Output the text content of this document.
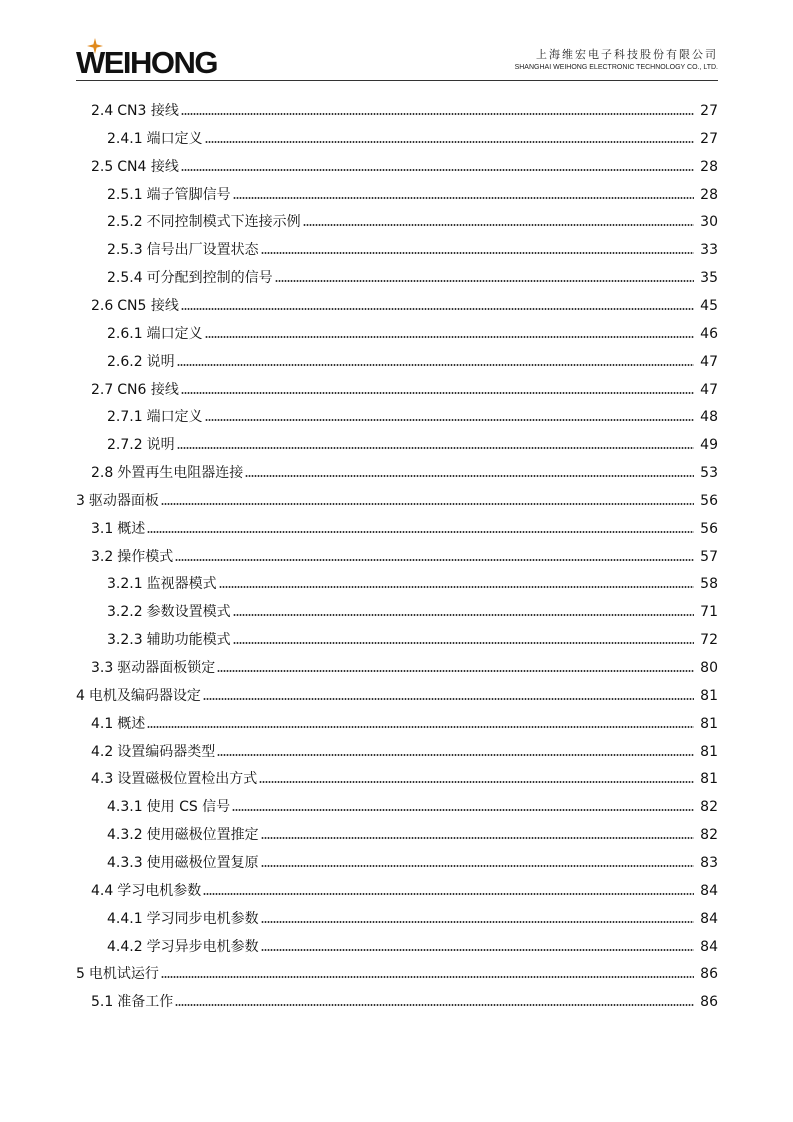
WEIHONG	上海维宏电子科技股份有限公司
SHANGHAI WEIHONG ELECTRONIC TECHNOLOGY CO., LTD.
2.4 CN3 接线	27
2.4.1 端口定义	27
2.5 CN4 接线	28
2.5.1 端子管脚信号	28
2.5.2 不同控制模式下连接示例	30
2.5.3 信号出厂设置状态	33
2.5.4 可分配到控制的信号	35
2.6 CN5 接线	45
2.6.1 端口定义	46
2.6.2 说明	47
2.7 CN6 接线	47
2.7.1 端口定义	48
2.7.2 说明	49
2.8 外置再生电阻器连接	53
3 驱动器面板	56
3.1 概述	56
3.2 操作模式	57
3.2.1 监视器模式	58
3.2.2 参数设置模式	71
3.2.3 辅助功能模式	72
3.3 驱动器面板锁定	80
4 电机及编码器设定	81
4.1 概述	81
4.2 设置编码器类型	81
4.3 设置磁极位置检出方式	81
4.3.1 使用 CS 信号	82
4.3.2 使用磁极位置推定	82
4.3.3 使用磁极位置复原	83
4.4 学习电机参数	84
4.4.1 学习同步电机参数	84
4.4.2 学习异步电机参数	84
5 电机试运行	86
5.1 准备工作	86
